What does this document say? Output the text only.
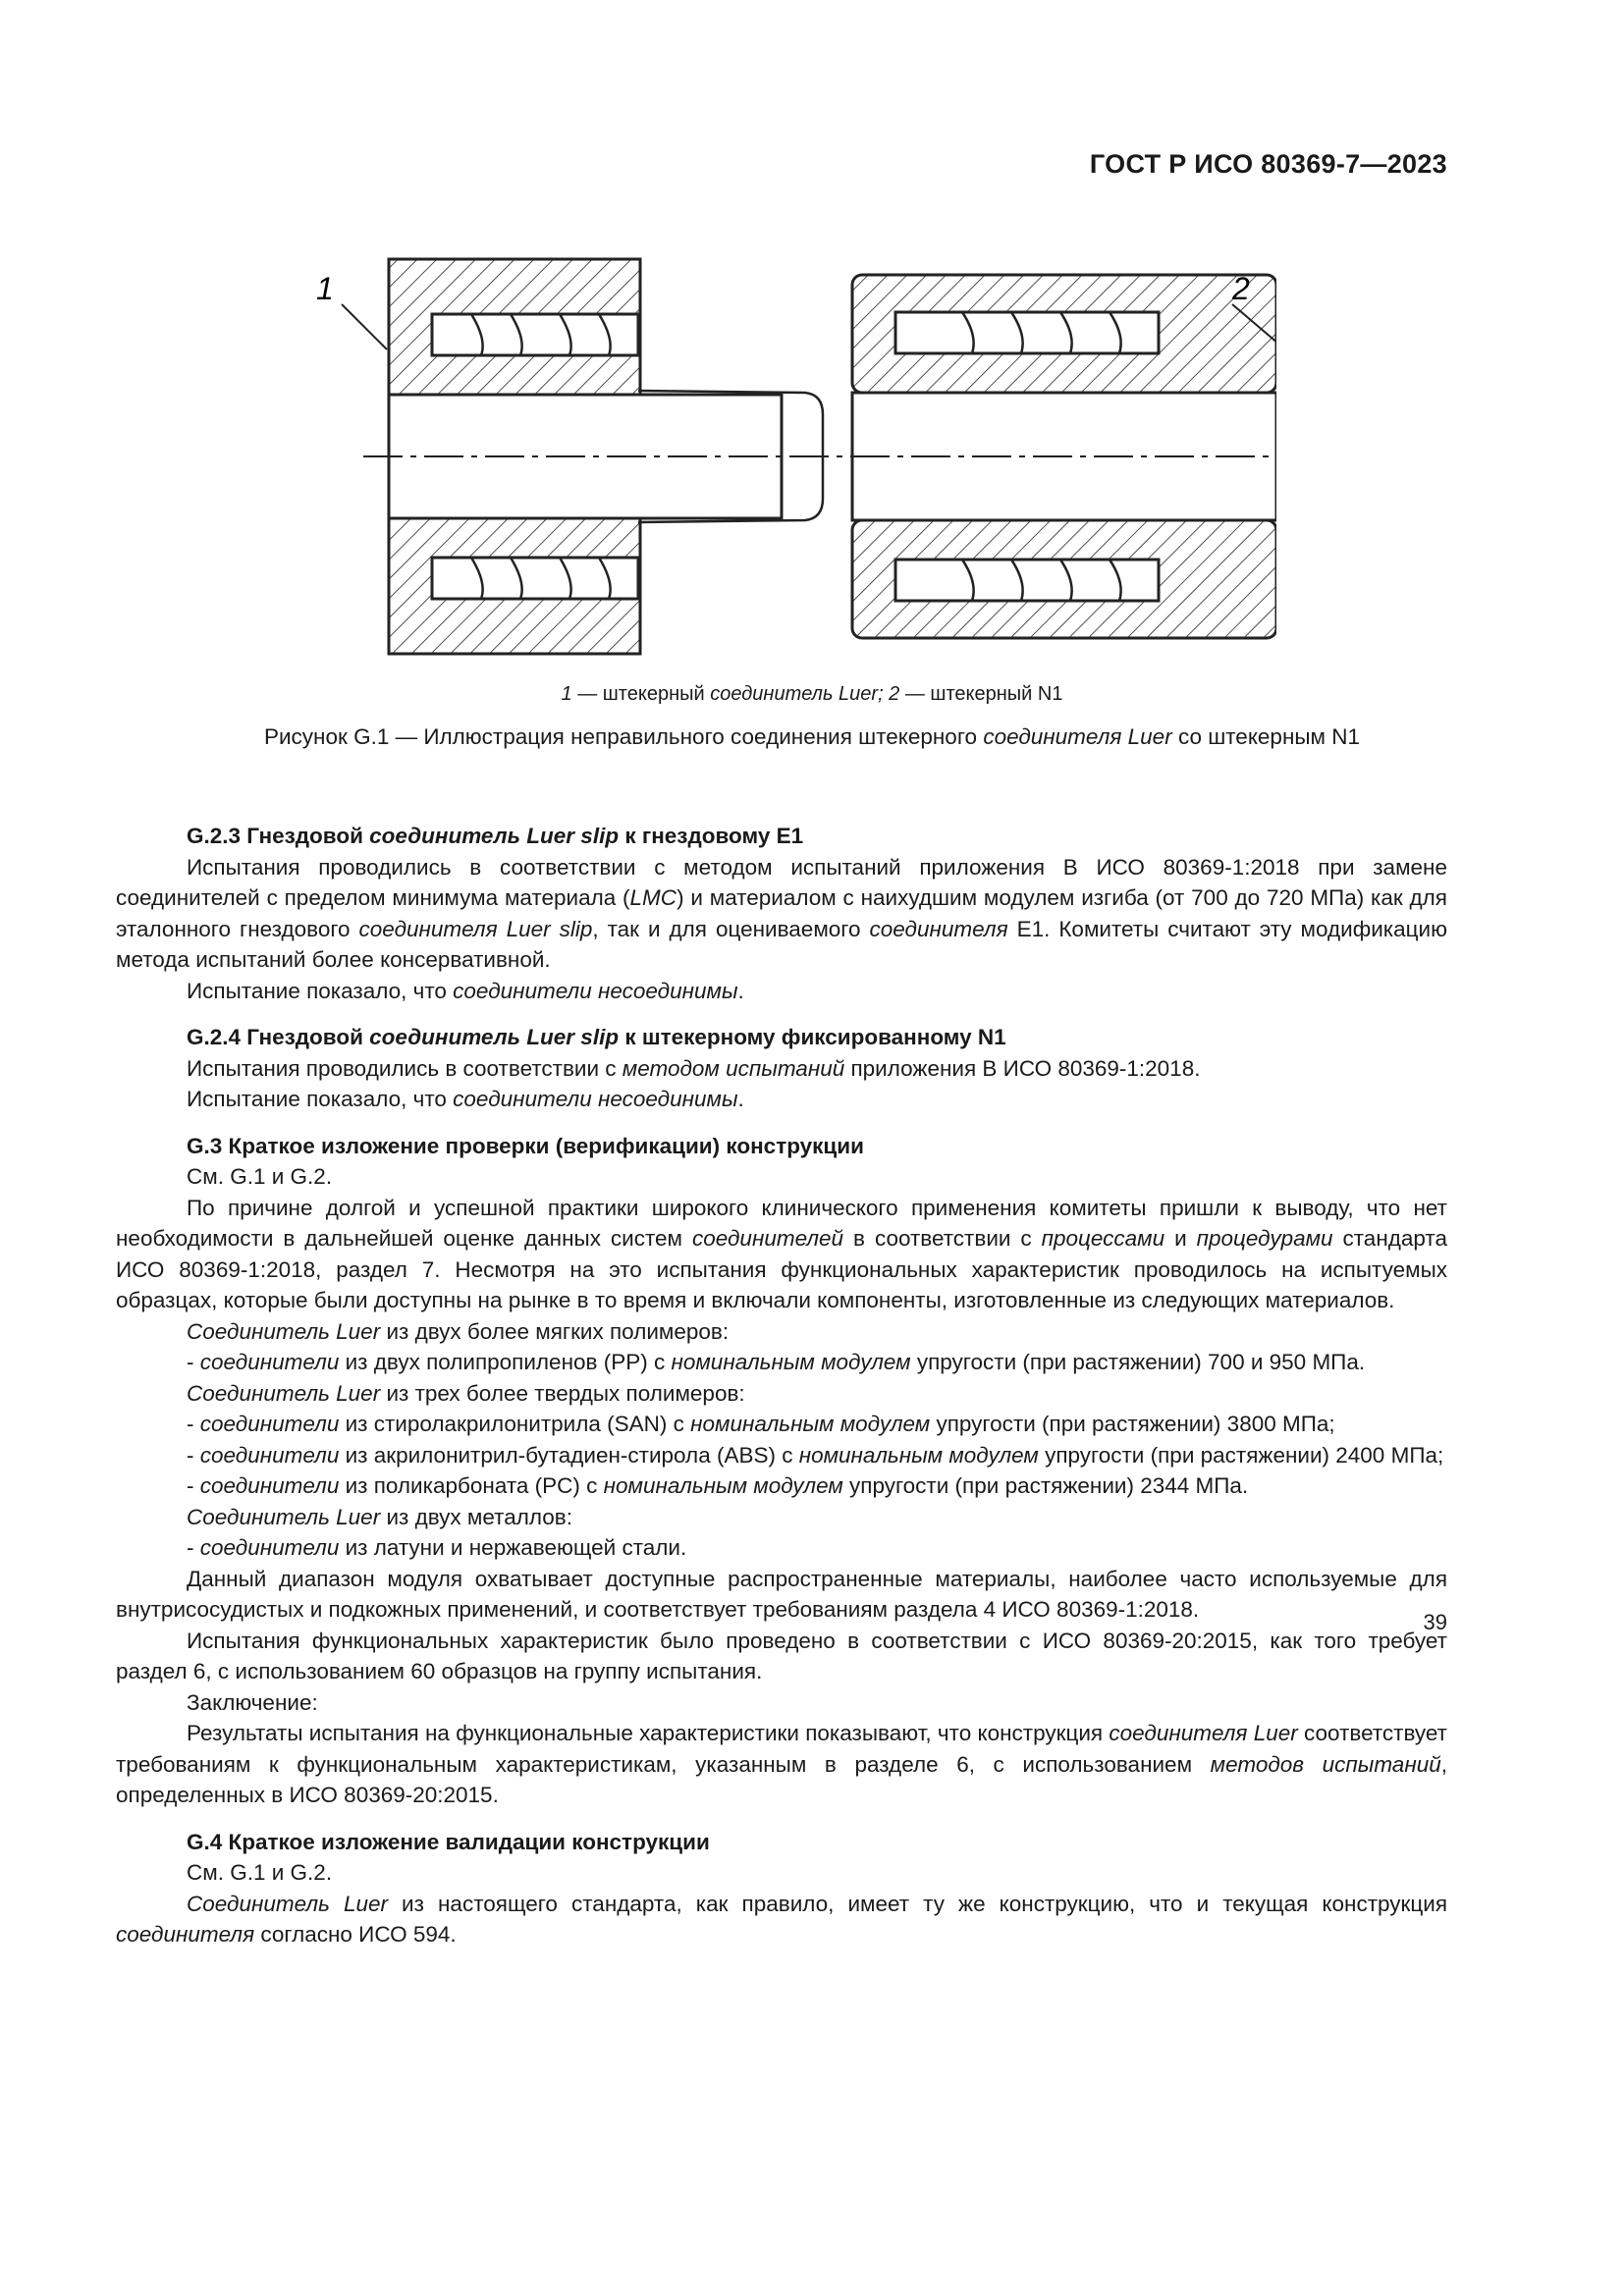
ГОСТ Р ИСО 80369-7—2023
1	2
1 — штекерный соединитель Luer; 2 — штекерный N1
Рисунок G.1 — Иллюстрация неправильного соединения штекерного соединителя Luer со штекерным N1

G.2.3 Гнездовой соединитель Luer slip к гнездовому E1

Испытания проводились в соответствии с методом испытаний приложения В ИСО 80369-1:2018 при замене соединителей с пределом минимума материала (LMC) и материалом с наихудшим модулем изгиба (от 700 до 720 МПа) как для эталонного гнездового соединителя Luer slip, так и для оцениваемого соединителя E1. Комитеты считают эту модификацию метода испытаний более консервативной.

Испытание показало, что соединители несоединимы.

G.2.4 Гнездовой соединитель Luer slip к штекерному фиксированному N1

Испытания проводились в соответствии с методом испытаний приложения В ИСО 80369-1:2018.

Испытание показало, что соединители несоединимы.

G.3 Краткое изложение проверки (верификации) конструкции

См. G.1 и G.2.

По причине долгой и успешной практики широкого клинического применения комитеты пришли к выводу, что нет необходимости в дальнейшей оценке данных систем соединителей в соответствии с процессами и процедурами стандарта ИСО 80369-1:2018, раздел 7. Несмотря на это испытания функциональных характеристик проводилось на испытуемых образцах, которые были доступны на рынке в то время и включали компоненты, изготовленные из следующих материалов.

Соединитель Luer из двух более мягких полимеров:

- соединители из двух полипропиленов (PP) с номинальным модулем упругости (при растяжении) 700 и 950 МПа.

Соединитель Luer из трех более твердых полимеров:

- соединители из стиролакрилонитрила (SAN) с номинальным модулем упругости (при растяжении) 3800 МПа;

- соединители из акрилонитрил-бутадиен-стирола (ABS) с номинальным модулем упругости (при растяжении) 2400 МПа;

- соединители из поликарбоната (PC) с номинальным модулем упругости (при растяжении) 2344 МПа.

Соединитель Luer из двух металлов:

- соединители из латуни и нержавеющей стали.

Данный диапазон модуля охватывает доступные распространенные материалы, наиболее часто используемые для внутрисосудистых и подкожных применений, и соответствует требованиям раздела 4 ИСО 80369-1:2018.

Испытания функциональных характеристик было проведено в соответствии с ИСО 80369-20:2015, как того требует раздел 6, с использованием 60 образцов на группу испытания.

Заключение:

Результаты испытания на функциональные характеристики показывают, что конструкция соединителя Luer соответствует требованиям к функциональным характеристикам, указанным в разделе 6, с использованием методов испытаний, определенных в ИСО 80369-20:2015.

G.4 Краткое изложение валидации конструкции

См. G.1 и G.2.

Соединитель Luer из настоящего стандарта, как правило, имеет ту же конструкцию, что и текущая конструкция соединителя согласно ИСО 594.

39
